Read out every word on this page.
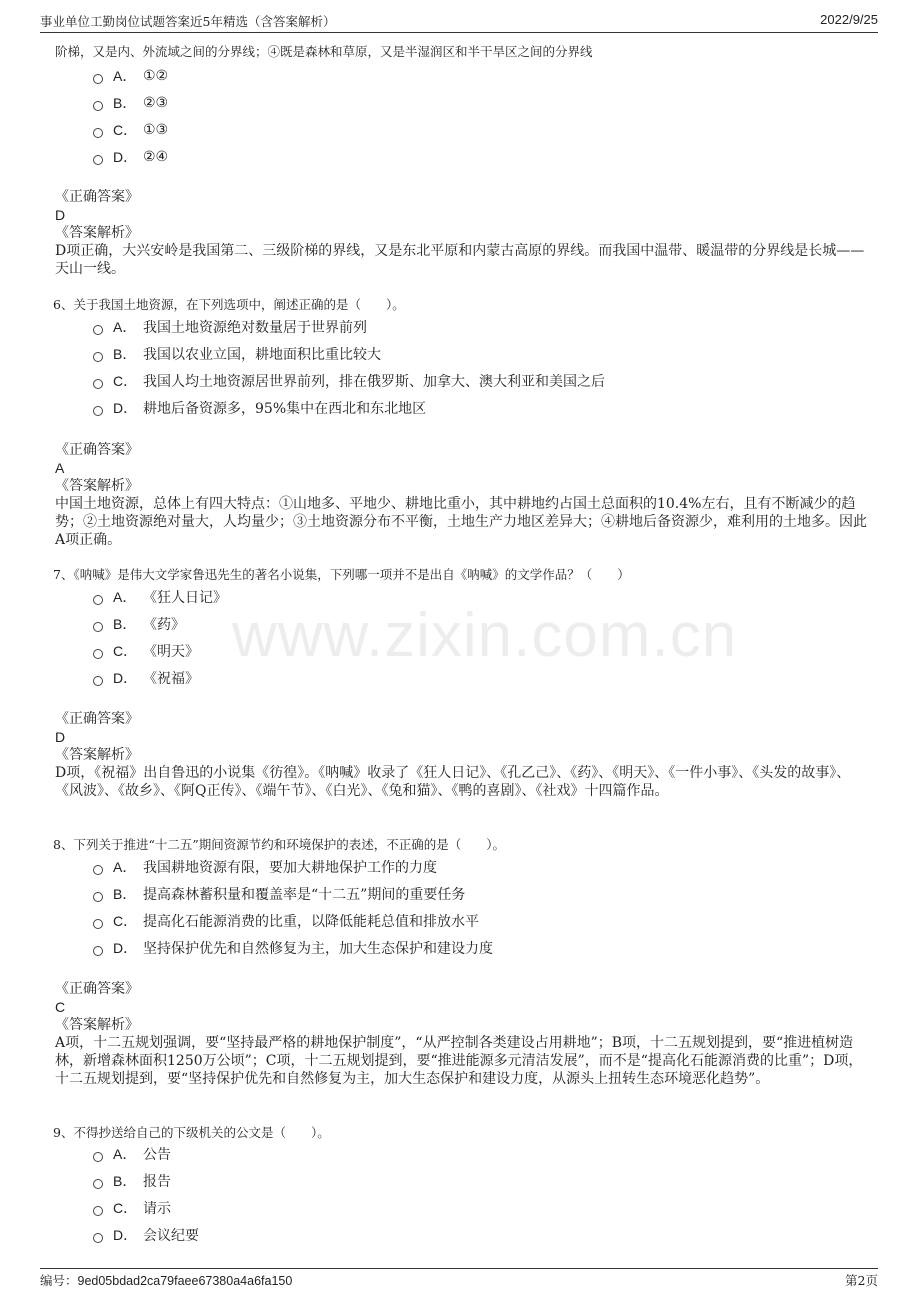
事业单位工勤岗位试题答案近5年精选（含答案解析）	2022/9/25
阶梯，又是内、外流域之间的分界线；④既是森林和草原，又是半湿润区和半干旱区之间的分界线
A． ①②
B． ②③
C． ①③
D． ②④
《正确答案》
D
《答案解析》
D项正确，大兴安岭是我国第二、三级阶梯的界线，又是东北平原和内蒙古高原的界线。而我国中温带、暖温带的分界线是长城——天山一线。
6、关于我国土地资源，在下列选项中，阐述正确的是（　　）。
A． 我国土地资源绝对数量居于世界前列
B． 我国以农业立国，耕地面积比重比较大
C． 我国人均土地资源居世界前列，排在俄罗斯、加拿大、澳大利亚和美国之后
D． 耕地后备资源多，95%集中在西北和东北地区
《正确答案》
A
《答案解析》
中国土地资源，总体上有四大特点：①山地多、平地少、耕地比重小，其中耕地约占国土总面积的10.4%左右，且有不断减少的趋势；②土地资源绝对量大，人均量少；③土地资源分布不平衡，土地生产力地区差异大；④耕地后备资源少，难利用的土地多。因此A项正确。
7、《呐喊》是伟大文学家鲁迅先生的著名小说集，下列哪一项并不是出自《呐喊》的文学作品？（　　）
A． 《狂人日记》
B． 《药》
C． 《明天》
D． 《祝福》
《正确答案》
D
《答案解析》
D项，《祝福》出自鲁迅的小说集《彷徨》。《呐喊》收录了《狂人日记》、《孔乙己》、《药》、《明天》、《一件小事》、《头发的故事》、《风波》、《故乡》、《阿Q正传》、《端午节》、《白光》、《兔和猫》、《鸭的喜剧》、《社戏》十四篇作品。
8、下列关于推进“十二五”期间资源节约和环境保护的表述，不正确的是（　　）。
A． 我国耕地资源有限，要加大耕地保护工作的力度
B． 提高森林蓄积量和覆盖率是“十二五”期间的重要任务
C． 提高化石能源消费的比重，以降低能耗总值和排放水平
D． 坚持保护优先和自然修复为主，加大生态保护和建设力度
《正确答案》
C
《答案解析》
A项，十二五规划强调，要“坚持最严格的耕地保护制度”，“从严控制各类建设占用耕地”；B项，十二五规划提到，要“推进植树造林，新增森林面积1250万公顷”；C项，十二五规划提到，要“推进能源多元清洁发展”，而不是“提高化石能源消费的比重”；D项，十二五规划提到，要“坚持保护优先和自然修复为主，加大生态保护和建设力度，从源头上扭转生态环境恶化趋势”。
9、不得抄送给自己的下级机关的公文是（　　）。
A． 公告
B． 报告
C． 请示
D． 会议纪要
www.zixin.com.cn
编号：9ed05bdad2ca79faee67380a4a6fa150	第2页
